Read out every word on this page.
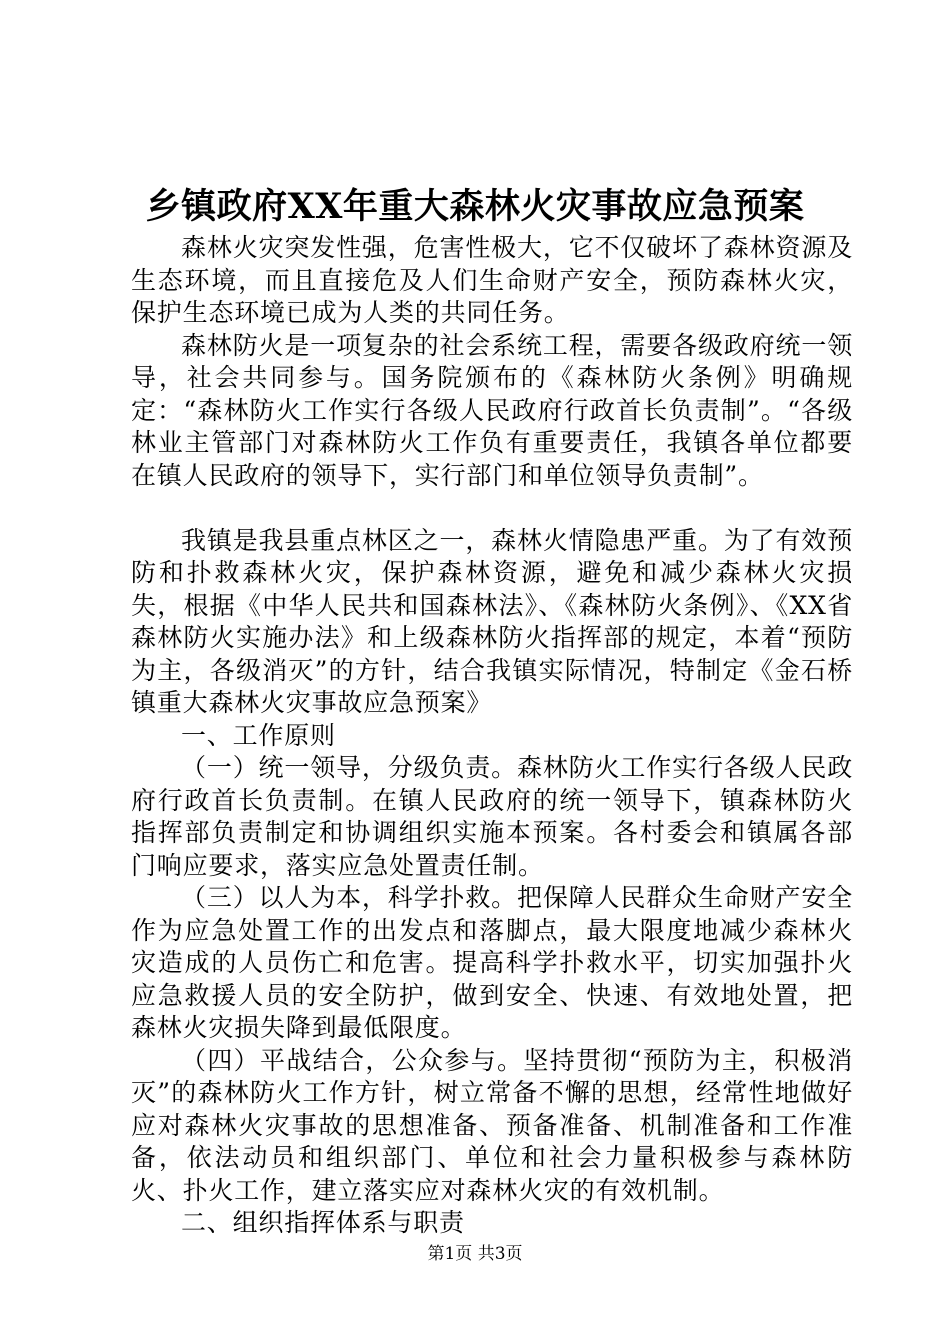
乡镇政府XX年重大森林火灾事故应急预案

森林火灾突发性强，危害性极大，它不仅破坏了森林资源及生态环境，而且直接危及人们生命财产安全，预防森林火灾，保护生态环境已成为人类的共同任务。

森林防火是一项复杂的社会系统工程，需要各级政府统一领导，社会共同参与。国务院颁布的《森林防火条例》明确规定：“森林防火工作实行各级人民政府行政首长负责制”。“各级林业主管部门对森林防火工作负有重要责任，我镇各单位都要在镇人民政府的领导下，实行部门和单位领导负责制”。

我镇是我县重点林区之一，森林火情隐患严重。为了有效预防和扑救森林火灾，保护森林资源，避免和减少森林火灾损失，根据《中华人民共和国森林法》、《森林防火条例》、《XX省森林防火实施办法》和上级森林防火指挥部的规定，本着“预防为主，各级消灭”的方针，结合我镇实际情况，特制定《金石桥镇重大森林火灾事故应急预案》

一、工作原则

（一）统一领导，分级负责。森林防火工作实行各级人民政府行政首长负责制。在镇人民政府的统一领导下，镇森林防火指挥部负责制定和协调组织实施本预案。各村委会和镇属各部门响应要求，落实应急处置责任制。

（三）以人为本，科学扑救。把保障人民群众生命财产安全作为应急处置工作的出发点和落脚点，最大限度地减少森林火灾造成的人员伤亡和危害。提高科学扑救水平，切实加强扑火应急救援人员的安全防护，做到安全、快速、有效地处置，把森林火灾损失降到最低限度。

（四）平战结合，公众参与。坚持贯彻“预防为主，积极消灭”的森林防火工作方针，树立常备不懈的思想，经常性地做好应对森林火灾事故的思想准备、预备准备、机制准备和工作准备，依法动员和组织部门、单位和社会力量积极参与森林防火、扑火工作，建立落实应对森林火灾的有效机制。

二、组织指挥体系与职责

第1页 共3页
